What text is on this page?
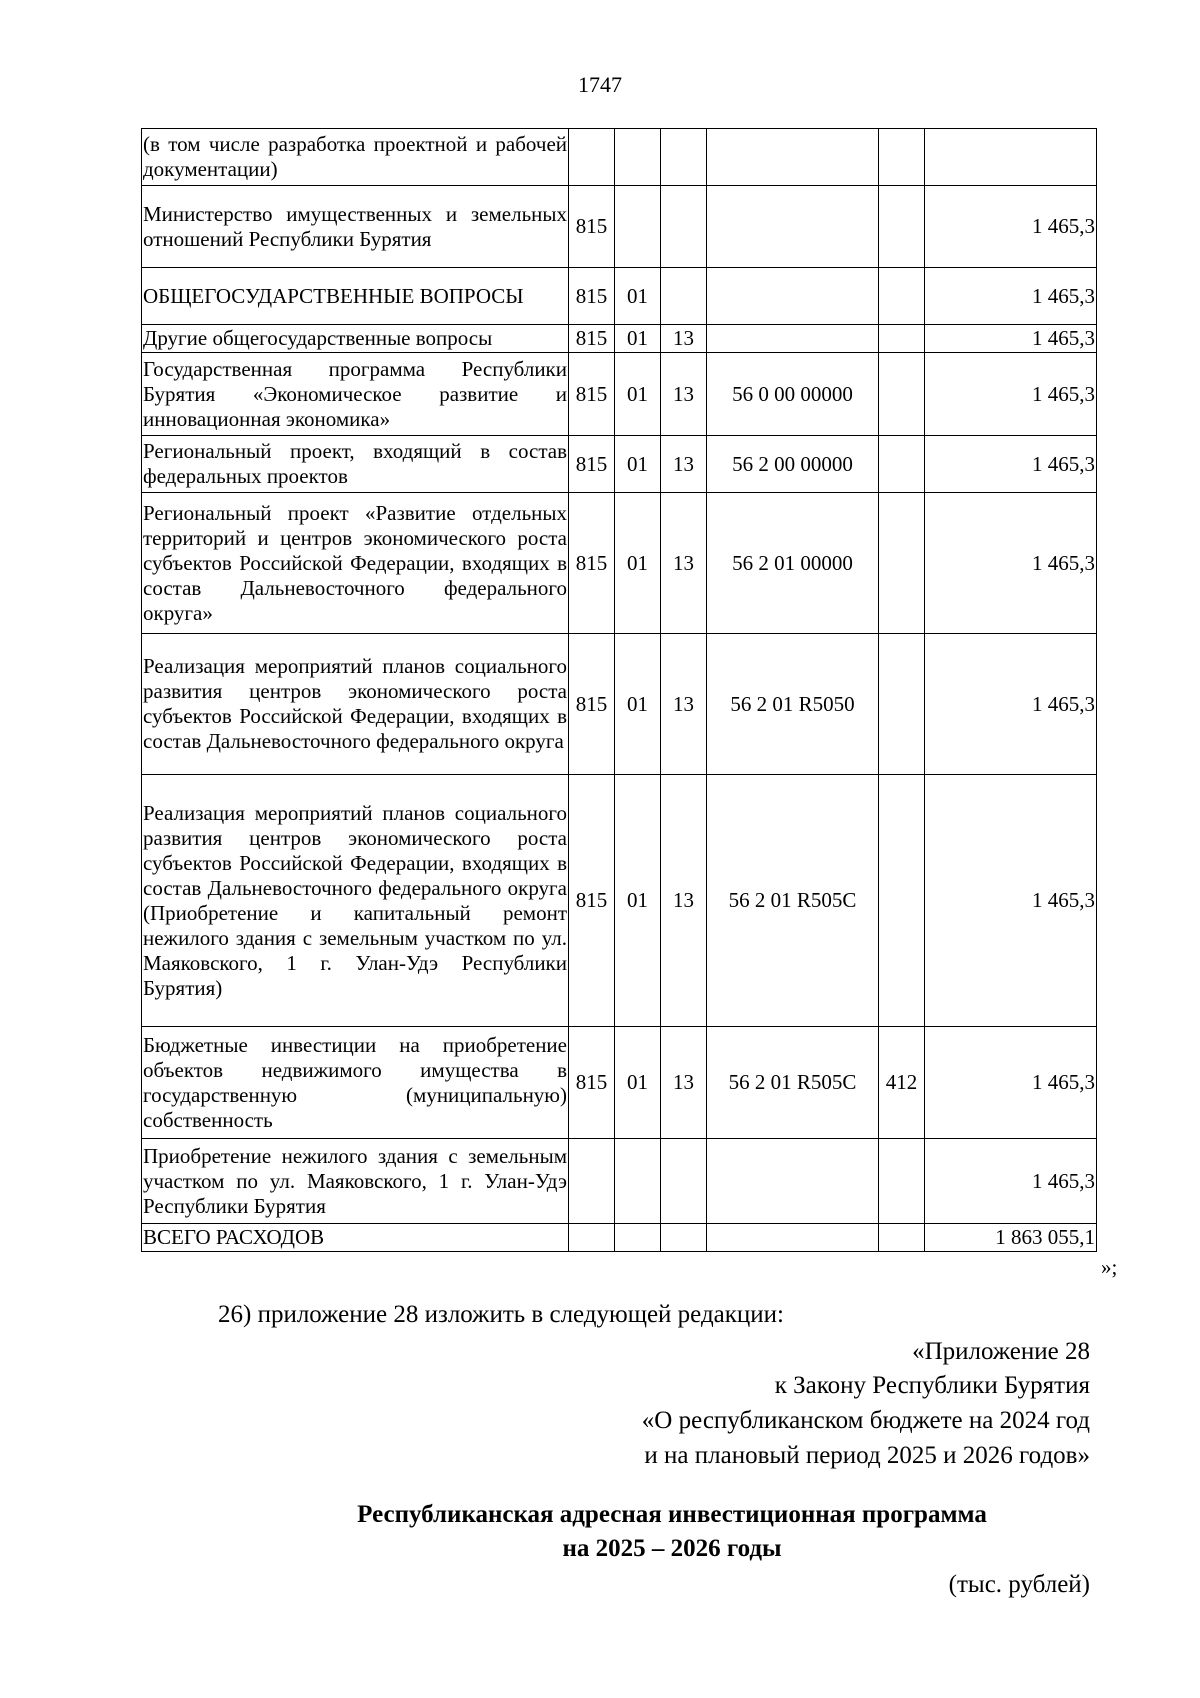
1747
(в том числе разработка проектной и рабочей документации)						
Министерство имущественных и земельных отношений Республики Бурятия	815					1 465,3
ОБЩЕГОСУДАРСТВЕННЫЕ ВОПРОСЫ	815	01				1 465,3
Другие общегосударственные вопросы	815	01	13			1 465,3
Государственная программа Республики Бурятия «Экономическое развитие и инновационная экономика»	815	01	13	56 0 00 00000		1 465,3
Региональный проект, входящий в состав федеральных проектов	815	01	13	56 2 00 00000		1 465,3
Региональный проект «Развитие отдельных территорий и центров экономического роста субъектов Российской Федерации, входящих в состав Дальневосточного федерального округа»	815	01	13	56 2 01 00000		1 465,3
Реализация мероприятий планов социального развития центров экономического роста субъектов Российской Федерации, входящих в состав Дальневосточного федерального округа	815	01	13	56 2 01 R5050		1 465,3
Реализация мероприятий планов социального развития центров экономического роста субъектов Российской Федерации, входящих в состав Дальневосточного федерального округа (Приобретение и капитальный ремонт нежилого здания с земельным участком по ул. Маяковского, 1 г. Улан-Удэ Республики Бурятия)	815	01	13	56 2 01 R505C		1 465,3
Бюджетные инвестиции на приобретение объектов недвижимого имущества в государственную (муниципальную) собственность	815	01	13	56 2 01 R505C	412	1 465,3
Приобретение нежилого здания с земельным участком по ул. Маяковского, 1 г. Улан-Удэ Республики Бурятия						1 465,3
ВСЕГО РАСХОДОВ						1 863 055,1
»;
26) приложение 28 изложить в следующей редакции:
«Приложение 28
к Закону Республики Бурятия
«О республиканском бюджете на 2024 год
и на плановый период 2025 и 2026 годов»
Республиканская адресная инвестиционная программа
на 2025 – 2026 годы
(тыс. рублей)
